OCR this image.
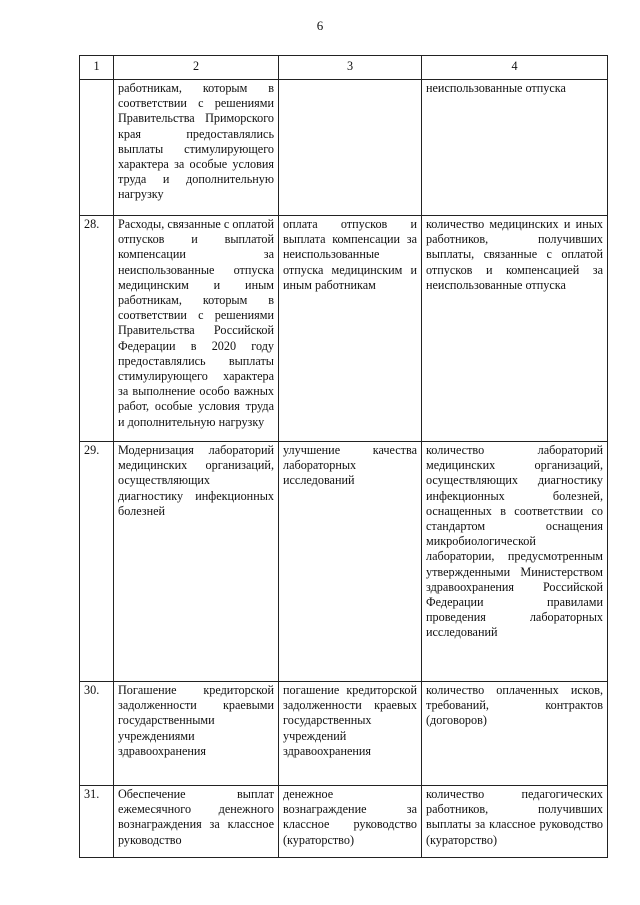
6
1	2	3	4
	работникам, которым в соответствии с решениями Правительства Приморского края предоставлялись выплаты стимулирующего характера за особые условия труда и дополнительную нагрузку		неиспользованные отпуска
28.	Расходы, связанные с оплатой отпусков и выплатой компенсации за неиспользованные отпуска медицинским и иным работникам, которым в соответствии с решениями Правительства Российской Федерации в 2020 году предоставлялись выплаты стимулирующего характера за выполнение особо важных работ, особые условия труда и дополнительную нагрузку	оплата отпусков и выплата компенсации за неиспользованные отпуска медицинским и иным работникам	количество медицинских и иных работников, получивших выплаты, связанные с оплатой отпусков и компенсацией за неиспользованные отпуска
29.	Модернизация лабораторий медицинских организаций, осуществляющих диагностику инфекционных болезней	улучшение качества лабораторных исследований	количество лабораторий медицинских организаций, осуществляющих диагностику инфекционных болезней, оснащенных в соответствии со стандартом оснащения микробиологической лаборатории, предусмотренным утвержденными Министерством здравоохранения Российской Федерации правилами проведения лабораторных исследований
30.	Погашение кредиторской задолженности краевыми государственными учреждениями здравоохранения	погашение кредиторской задолженности краевых государственных учреждений здравоохранения	количество оплаченных исков, требований, контрактов (договоров)
31.	Обеспечение выплат ежемесячного денежного вознаграждения за классное руководство	денежное вознаграждение за классное руководство (кураторство)	количество педагогических работников, получивших выплаты за классное руководство (кураторство)
